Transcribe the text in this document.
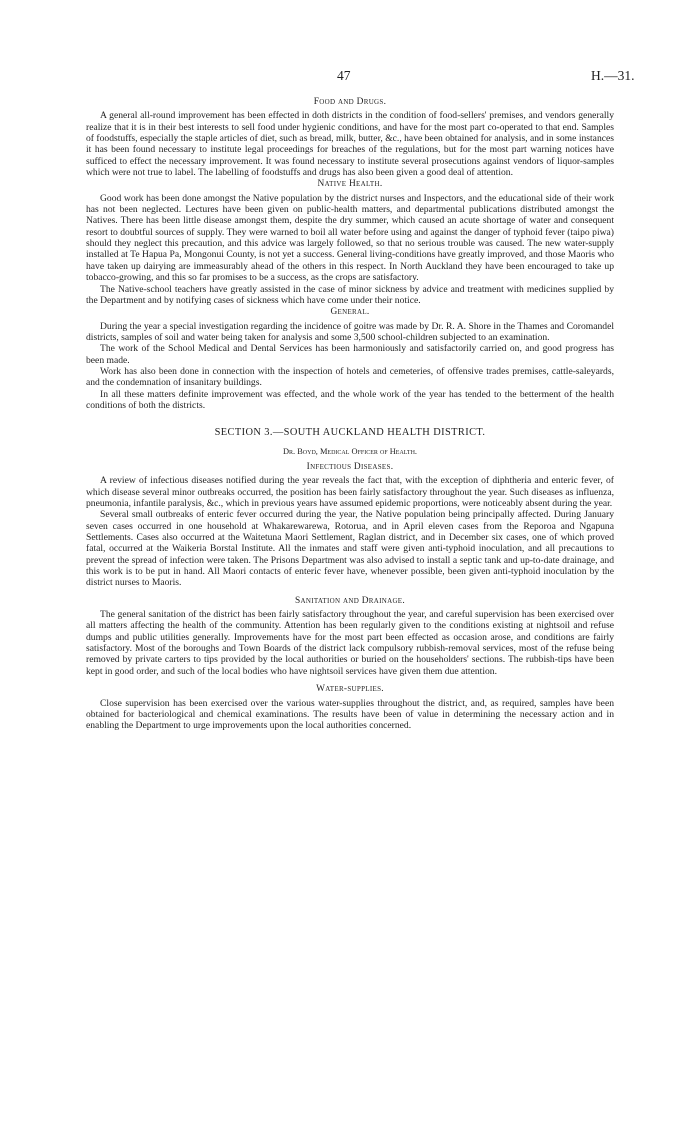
47	H.—31.
Food and Drugs.

A general all-round improvement has been effected in doth districts in the condition of food-sellers' premises, and vendors generally realize that it is in their best interests to sell food under hygienic conditions, and have for the most part co-operated to that end. Samples of foodstuffs, especially the staple articles of diet, such as bread, milk, butter, &c., have been obtained for analysis, and in some instances it has been found necessary to institute legal proceedings for breaches of the regulations, but for the most part warning notices have sufficed to effect the necessary improvement. It was found necessary to institute several prosecutions against vendors of liquor-samples which were not true to label. The labelling of foodstuffs and drugs has also been given a good deal of attention.

Native Health.

Good work has been done amongst the Native population by the district nurses and Inspectors, and the educational side of their work has not been neglected. Lectures have been given on public-health matters, and departmental publications distributed amongst the Natives. There has been little disease amongst them, despite the dry summer, which caused an acute shortage of water and consequent resort to doubtful sources of supply. They were warned to boil all water before using and against the danger of typhoid fever (taipo piwa) should they neglect this precaution, and this advice was largely followed, so that no serious trouble was caused. The new water-supply installed at Te Hapua Pa, Mongonui County, is not yet a success. General living-conditions have greatly improved, and those Maoris who have taken up dairying are immeasurably ahead of the others in this respect. In North Auckland they have been encouraged to take up tobacco-growing, and this so far promises to be a success, as the crops are satisfactory.

The Native-school teachers have greatly assisted in the case of minor sickness by advice and treatment with medicines supplied by the Department and by notifying cases of sickness which have come under their notice.

General.

During the year a special investigation regarding the incidence of goitre was made by Dr. R. A. Shore in the Thames and Coromandel districts, samples of soil and water being taken for analysis and some 3,500 school-children subjected to an examination.

The work of the School Medical and Dental Services has been harmoniously and satisfactorily carried on, and good progress has been made.

Work has also been done in connection with the inspection of hotels and cemeteries, of offensive trades premises, cattle-saleyards, and the condemnation of insanitary buildings.

In all these matters definite improvement was effected, and the whole work of the year has tended to the betterment of the health conditions of both the districts.

SECTION 3.—SOUTH AUCKLAND HEALTH DISTRICT.
Dr. Boyd, Medical Officer of Health.
Infectious Diseases.

A review of infectious diseases notified during the year reveals the fact that, with the exception of diphtheria and enteric fever, of which disease several minor outbreaks occurred, the position has been fairly satisfactory throughout the year. Such diseases as influenza, pneumonia, infantile paralysis, &c., which in previous years have assumed epidemic proportions, were noticeably absent during the year.

Several small outbreaks of enteric fever occurred during the year, the Native population being principally affected. During January seven cases occurred in one household at Whakarewarewa, Rotorua, and in April eleven cases from the Reporoa and Ngapuna Settlements. Cases also occurred at the Waitetuna Maori Settlement, Raglan district, and in December six cases, one of which proved fatal, occurred at the Waikeria Borstal Institute. All the inmates and staff were given anti-typhoid inoculation, and all precautions to prevent the spread of infection were taken. The Prisons Department was also advised to install a septic tank and up-to-date drainage, and this work is to be put in hand. All Maori contacts of enteric fever have, whenever possible, been given anti-typhoid inoculation by the district nurses to Maoris.

Sanitation and Drainage.

The general sanitation of the district has been fairly satisfactory throughout the year, and careful supervision has been exercised over all matters affecting the health of the community. Attention has been regularly given to the conditions existing at nightsoil and refuse dumps and public utilities generally. Improvements have for the most part been effected as occasion arose, and conditions are fairly satisfactory. Most of the boroughs and Town Boards of the district lack compulsory rubbish-removal services, most of the refuse being removed by private carters to tips provided by the local authorities or buried on the householders' sections. The rubbish-tips have been kept in good order, and such of the local bodies who have nightsoil services have given them due attention.

Water-supplies.

Close supervision has been exercised over the various water-supplies throughout the district, and, as required, samples have been obtained for bacteriological and chemical examinations. The results have been of value in determining the necessary action and in enabling the Department to urge improvements upon the local authorities concerned.
